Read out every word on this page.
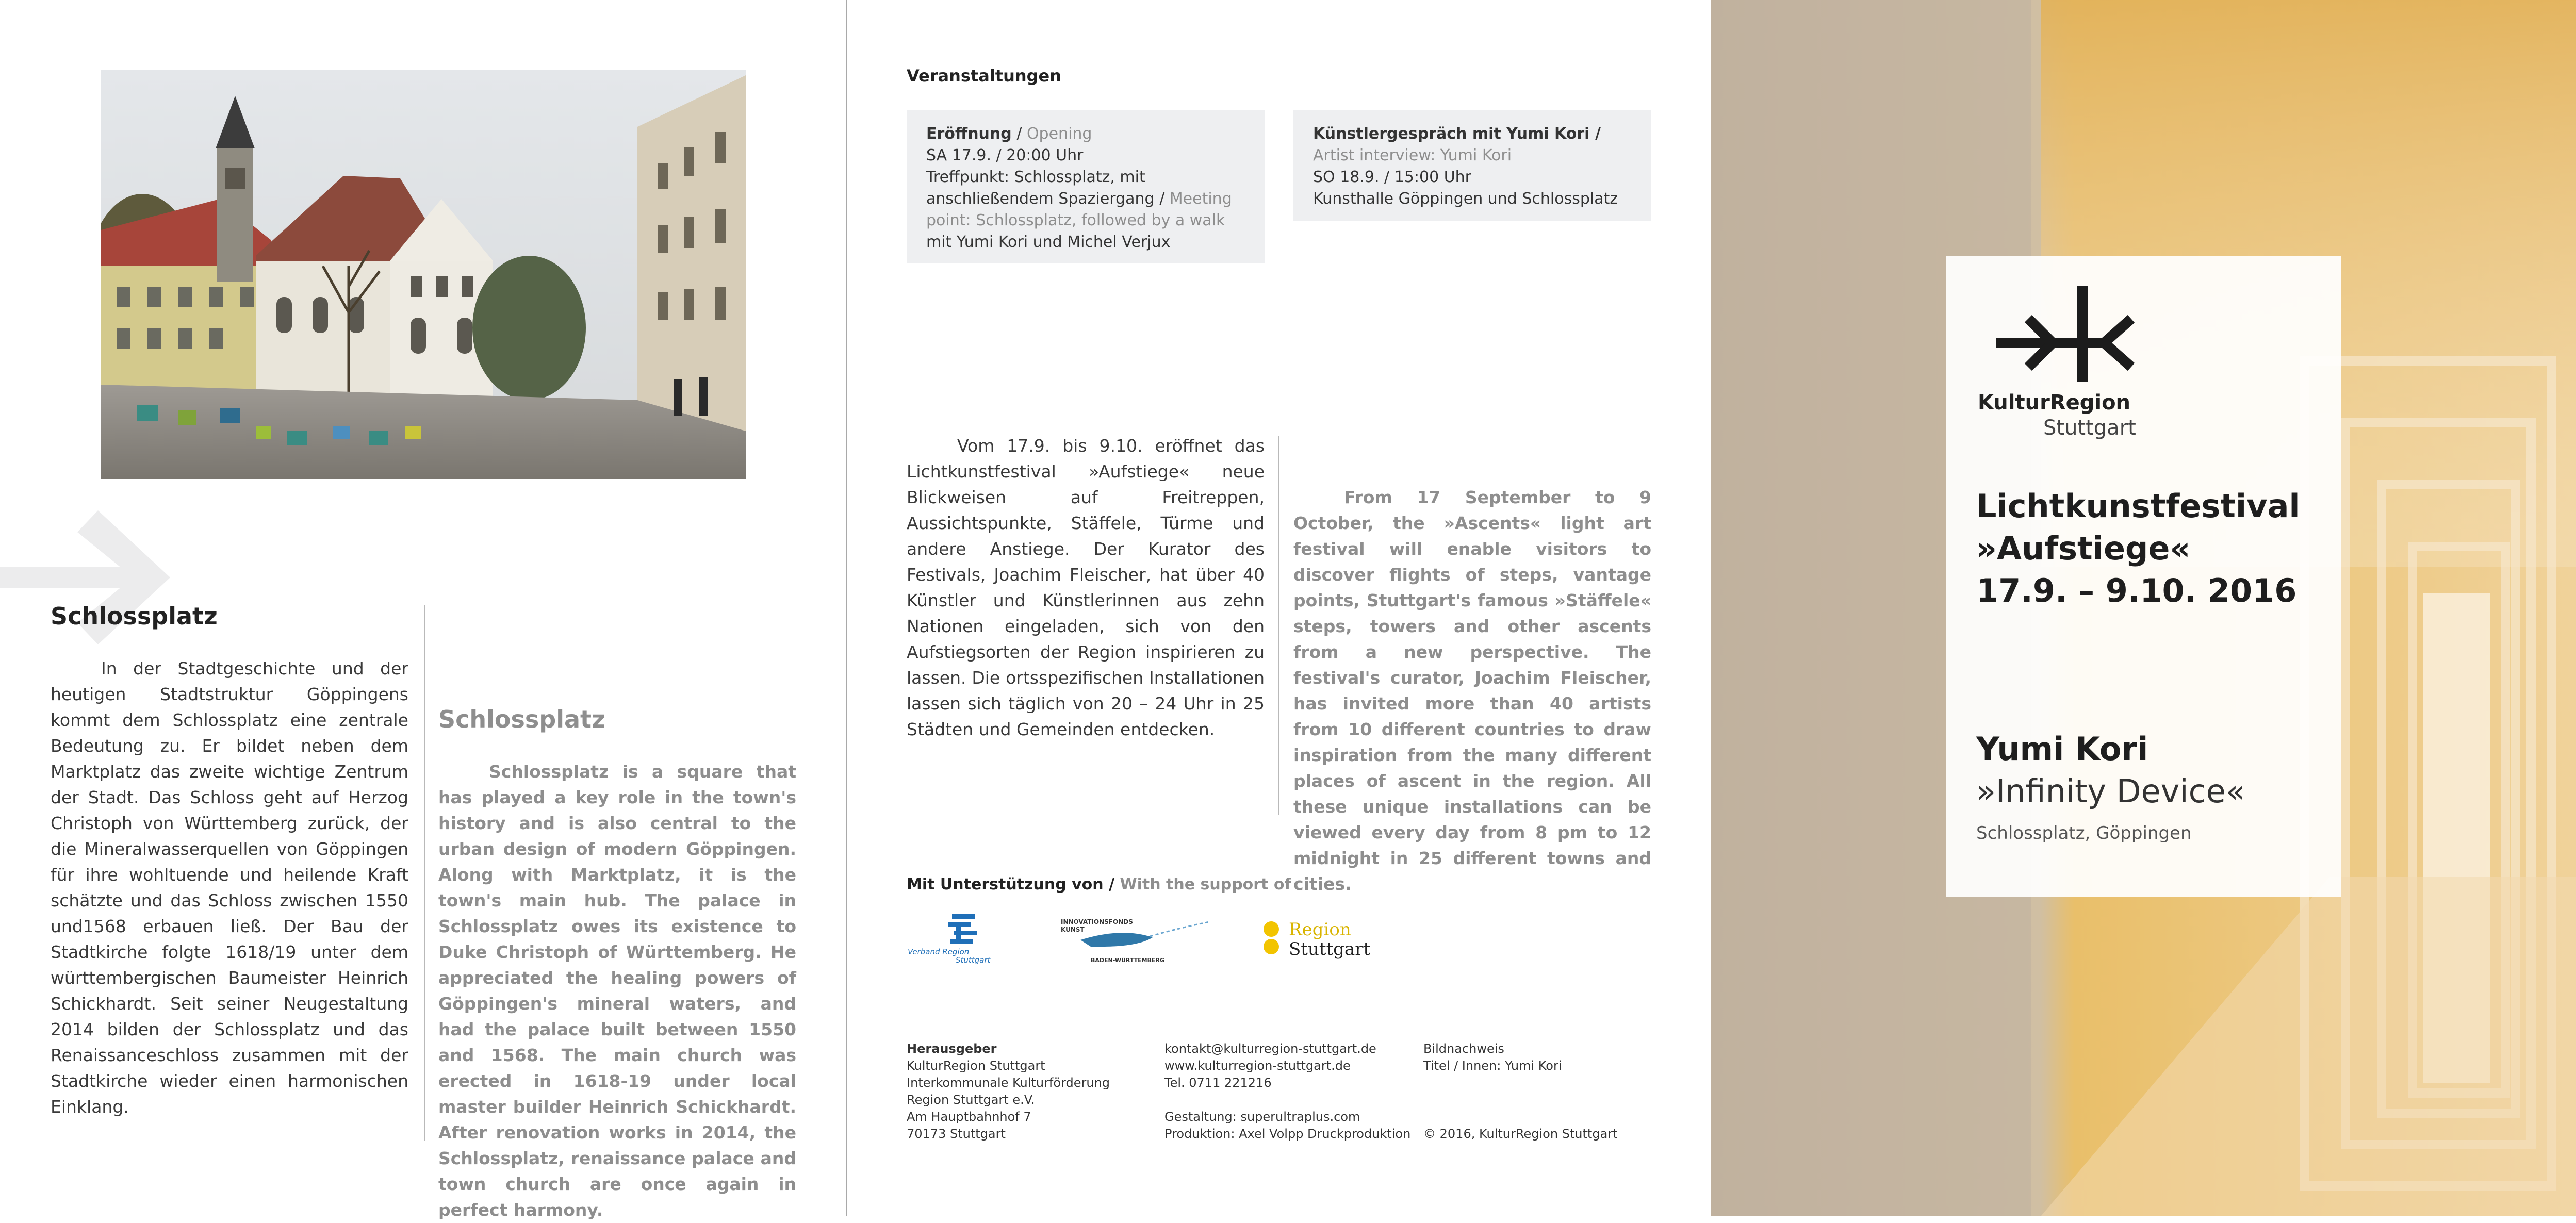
Schlossplatz
In der Stadtgeschichte und der heutigen Stadtstruktur Göppingens kommt dem Schlossplatz eine zentrale Bedeutung zu. Er bildet neben dem Marktplatz das zweite wichtige Zentrum der Stadt. Das Schloss geht auf Herzog Christoph von Württemberg zurück, der die Mineralwasserquellen von Göppingen für ihre wohltuende und heilende Kraft schätzte und das Schloss zwischen 1550 und1568 erbauen ließ. Der Bau der Stadtkirche folgte 1618/19 unter dem württembergischen Baumeister Heinrich Schickhardt. Seit seiner Neugestaltung 2014 bilden der Schlossplatz und das Renaissanceschloss zusammen mit der Stadtkirche wieder einen harmonischen Einklang.
Schlossplatz
Schlossplatz is a square that has played a key role in the town's history and is also central to the urban design of modern Göppingen. Along with Marktplatz, it is the town's main hub. The palace in Schlossplatz owes its existence to Duke Christoph of Württemberg. He appreciated the healing powers of Göppingen's mineral waters, and had the palace built between 1550 and 1568. The main church was erected in 1618-19 under local master builder Heinrich Schickhardt. After renovation works in 2014, the Schlossplatz, renaissance palace and town church are once again in perfect harmony.
Veranstaltungen
Eröffnung / Opening
SA 17.9. / 20:00 Uhr
Treffpunkt: Schlossplatz, mit anschließendem Spaziergang / Meeting point: Schlossplatz, followed by a walk
mit Yumi Kori und Michel Verjux
Künstlergespräch mit Yumi Kori /
Artist interview: Yumi Kori
SO 18.9. / 15:00 Uhr
Kunsthalle Göppingen und Schlossplatz
Vom 17.9. bis 9.10. eröffnet das Lichtkunstfestival »Aufstiege« neue Blickweisen auf Freitreppen, Aussichtspunkte, Stäffele, Türme und andere Anstiege. Der Kurator des Festivals, Joachim Fleischer, hat über 40 Künstler und Künstlerinnen aus zehn Nationen eingeladen, sich von den Aufstiegsorten der Region inspirieren zu lassen. Die ortsspezifischen Installationen lassen sich täglich von 20 – 24 Uhr in 25 Städten und Gemeinden entdecken.
From 17 September to 9 October, the »Ascents« light art festival will enable visitors to discover flights of steps, vantage points, Stuttgart's famous »Stäffele« steps, towers and other ascents from a new perspective. The festival's curator, Joachim Fleischer, has invited more than 40 artists from 10 different countries to draw inspiration from the many different places of ascent in the region. All these unique installations can be viewed every day from 8 pm to 12 midnight in 25 different towns and cities.
Mit Unterstützung von / With the support of
Verband Region
Stuttgart
INNOVATIONSFONDS
KUNST
BADEN-WÜRTTEMBERG
Region
Stuttgart
Herausgeber
KulturRegion Stuttgart
Interkommunale Kulturförderung
Region Stuttgart e.V.
Am Hauptbahnhof 7
70173 Stuttgart
kontakt@kulturregion-stuttgart.de
www.kulturregion-stuttgart.de
Tel. 0711 221216
Gestaltung: superultraplus.com
Produktion: Axel Volpp Druckproduktion
Bildnachweis
Titel / Innen: Yumi Kori
© 2016, KulturRegion Stuttgart
KulturRegion
Stuttgart
Lichtkunstfestival
»Aufstiege«
17.9. – 9.10. 2016
Yumi Kori
»Infinity Device«
Schlossplatz, Göppingen
